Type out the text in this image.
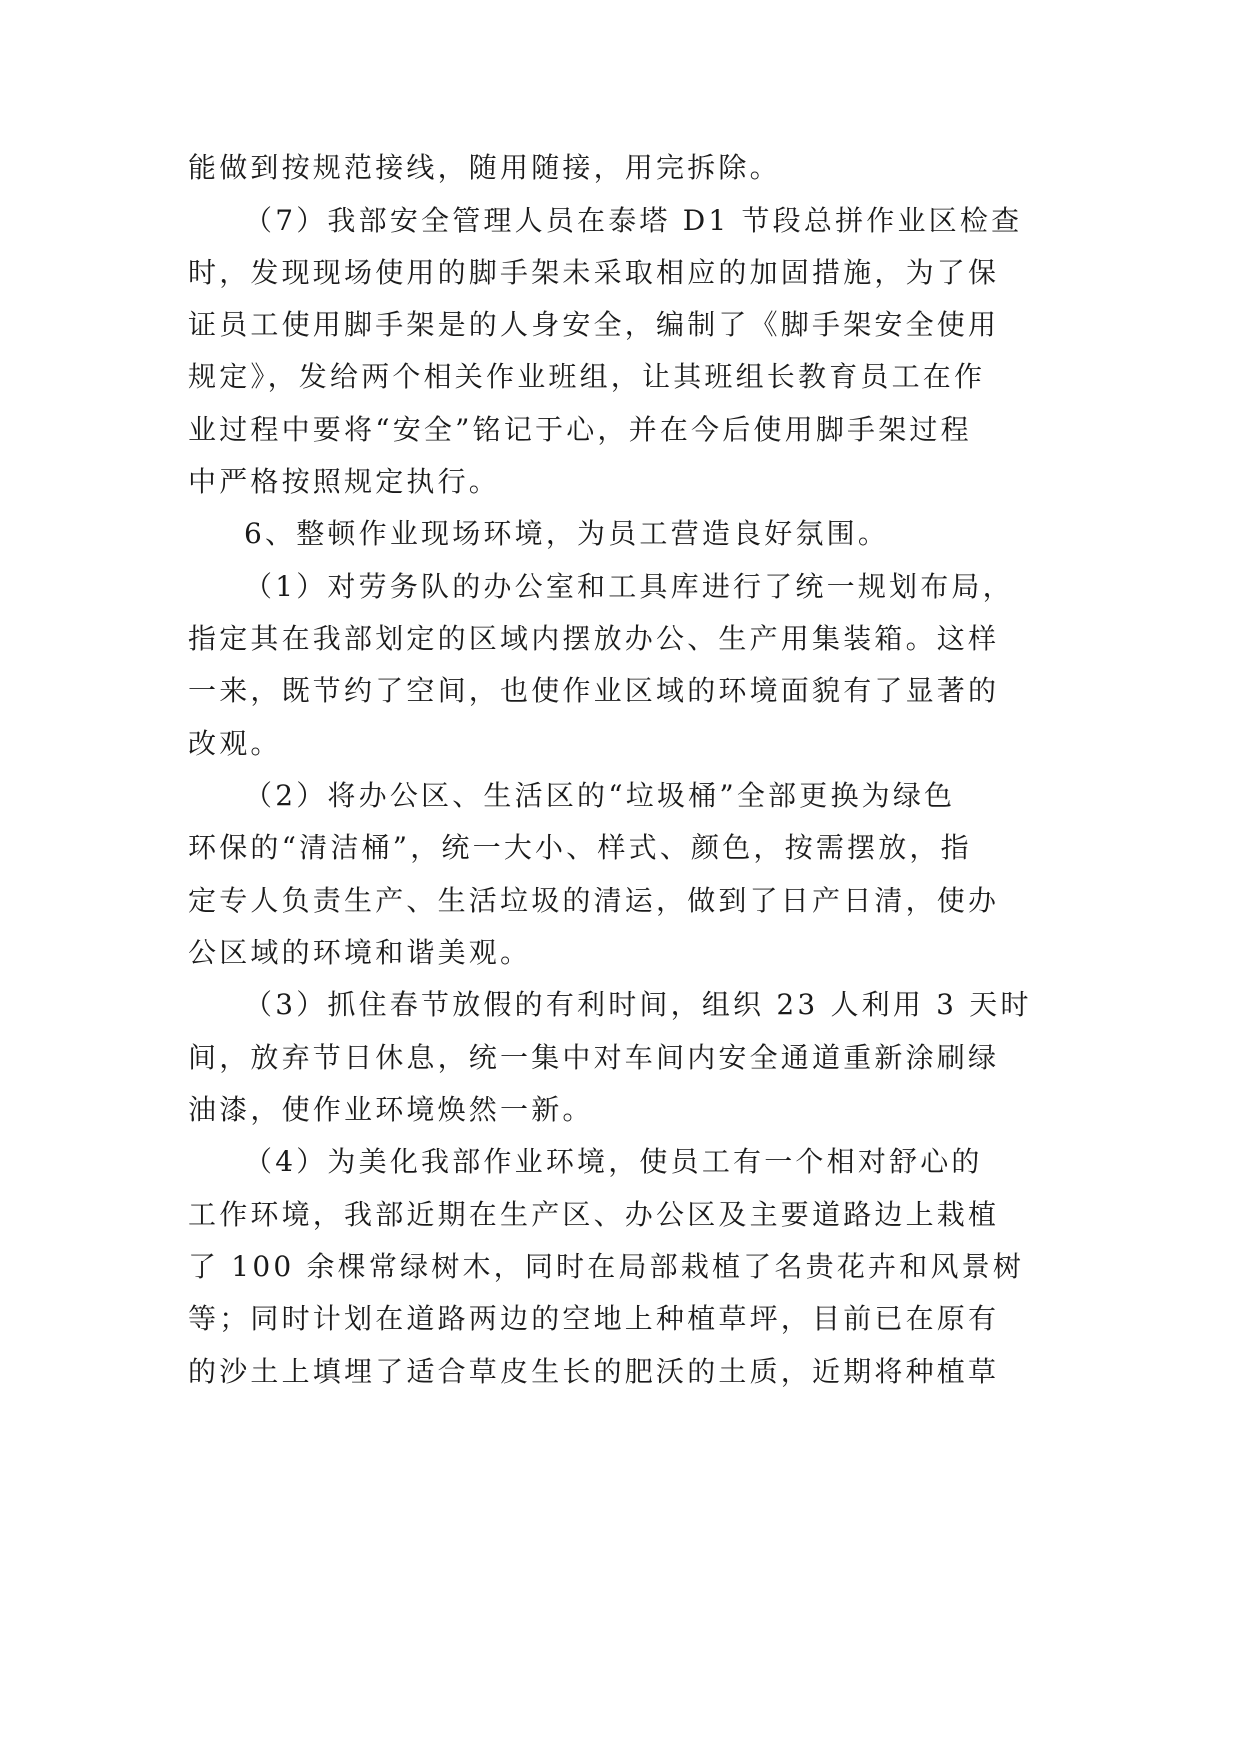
能做到按规范接线，随用随接，用完拆除。
（7）我部安全管理人员在泰塔 D1 节段总拼作业区检查
时，发现现场使用的脚手架未采取相应的加固措施，为了保
证员工使用脚手架是的人身安全，编制了《脚手架安全使用
规定》，发给两个相关作业班组，让其班组长教育员工在作
业过程中要将“安全”铭记于心，并在今后使用脚手架过程
中严格按照规定执行。
6、整顿作业现场环境，为员工营造良好氛围。
（1）对劳务队的办公室和工具库进行了统一规划布局，
指定其在我部划定的区域内摆放办公、生产用集装箱。这样
一来，既节约了空间，也使作业区域的环境面貌有了显著的
改观。
（2）将办公区、生活区的“垃圾桶”全部更换为绿色
环保的“清洁桶”，统一大小、样式、颜色，按需摆放，指
定专人负责生产、生活垃圾的清运，做到了日产日清，使办
公区域的环境和谐美观。
（3）抓住春节放假的有利时间，组织 23 人利用 3 天时
间，放弃节日休息，统一集中对车间内安全通道重新涂刷绿
油漆，使作业环境焕然一新。
（4）为美化我部作业环境，使员工有一个相对舒心的
工作环境，我部近期在生产区、办公区及主要道路边上栽植
了 100 余棵常绿树木，同时在局部栽植了名贵花卉和风景树
等；同时计划在道路两边的空地上种植草坪，目前已在原有
的沙土上填埋了适合草皮生长的肥沃的土质，近期将种植草
